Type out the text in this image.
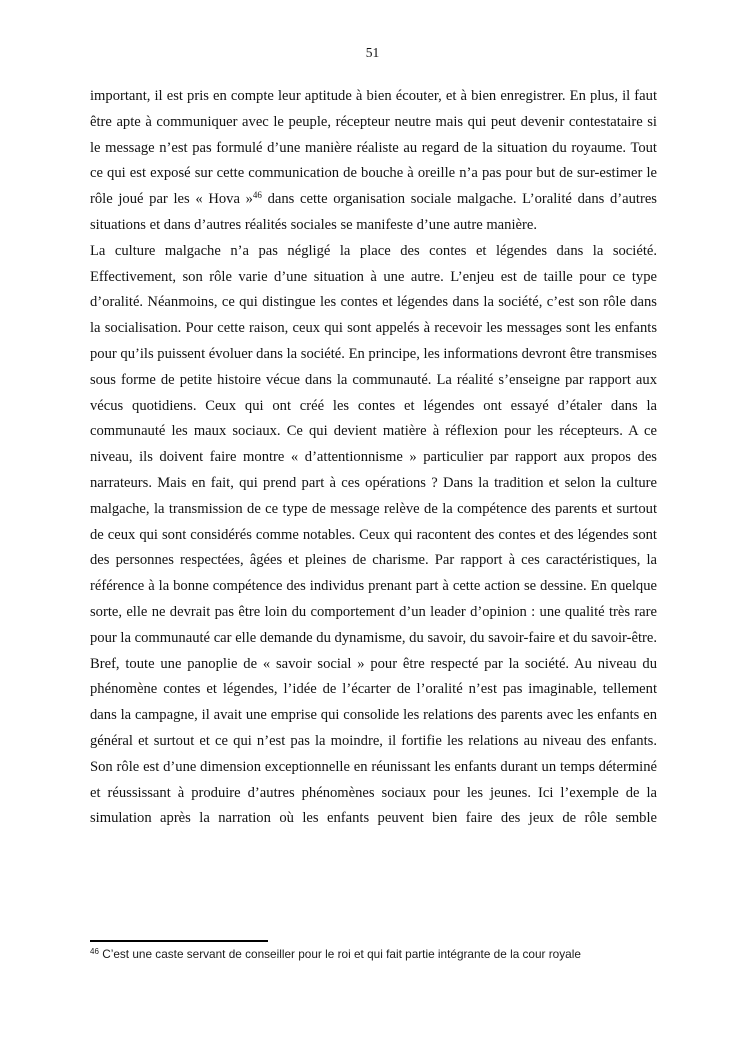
51

important, il est pris en compte leur aptitude à bien écouter, et à bien enregistrer. En plus, il faut être apte à communiquer avec le peuple, récepteur neutre mais qui peut devenir contestataire si le message n’est pas formulé d’une manière réaliste au regard de la situation du royaume. Tout ce qui est exposé sur cette communication de bouche à oreille n’a pas pour but de sur-estimer le rôle joué par les « Hova »$^{46}$ dans cette organisation sociale malgache. L’oralité dans d’autres situations et dans d’autres réalités sociales se manifeste d’une autre manière.

La culture malgache n’a pas négligé la place des contes et légendes dans la société. Effectivement, son rôle varie d’une situation à une autre. L’enjeu est de taille pour ce type d’oralité. Néanmoins, ce qui distingue les contes et légendes dans la société, c’est son rôle dans la socialisation. Pour cette raison, ceux qui sont appelés à recevoir les messages sont les enfants pour qu’ils puissent évoluer dans la société. En principe, les informations devront être transmises sous forme de petite histoire vécue dans la communauté. La réalité s’enseigne par rapport aux vécus quotidiens. Ceux qui ont créé les contes et légendes ont essayé d’étaler dans la communauté les maux sociaux. Ce qui devient matière à réflexion pour les récepteurs. A ce niveau, ils doivent faire montre « d’attentionnisme » particulier par rapport aux propos des narrateurs. Mais en fait, qui prend part à ces opérations ? Dans la tradition et selon la culture malgache, la transmission de ce type de message relève de la compétence des parents et surtout de ceux qui sont considérés comme notables. Ceux qui racontent des contes et des légendes sont des personnes respectées, âgées et pleines de charisme. Par rapport à ces caractéristiques, la référence à la bonne compétence des individus prenant part à cette action se dessine. En quelque sorte, elle ne devrait pas être loin du comportement d’un leader d’opinion : une qualité très rare pour la communauté car elle demande du dynamisme, du savoir, du savoir-faire et du savoir-être. Bref, toute une panoplie de « savoir social » pour être respecté par la société. Au niveau du phénomène contes et légendes, l’idée de l’écarter de l’oralité n’est pas imaginable, tellement dans la campagne, il avait une emprise qui consolide les relations des parents avec les enfants en général et surtout et ce qui n’est pas la moindre, il fortifie les relations au niveau des enfants. Son rôle est d’une dimension exceptionnelle en réunissant les enfants durant un temps déterminé et réussissant à produire d’autres phénomènes sociaux pour les jeunes. Ici l’exemple de la simulation après la narration où les enfants peuvent bien faire des jeux de rôle semble

$^{46}$ C’est une caste servant de conseiller pour le roi et qui fait partie intégrante de la cour royale
